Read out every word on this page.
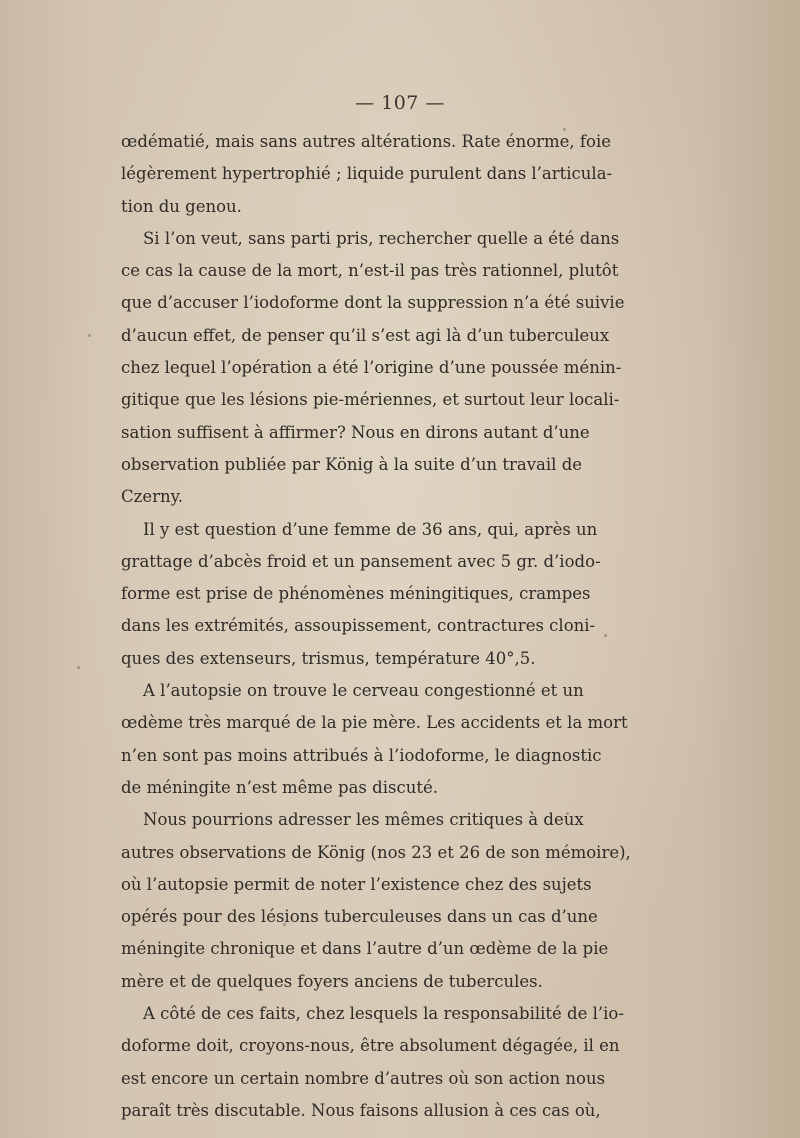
— 107 —
œdématié, mais sans autres altérations. Rate énorme, foie
légèrement hypertrophié ; liquide purulent dans l’articula-
tion du genou.
Si l’on veut, sans parti pris, rechercher quelle a été dans
ce cas la cause de la mort, n’est-il pas très rationnel, plutôt
que d’accuser l’iodoforme dont la suppression n’a été suivie
d’aucun effet, de penser qu’il s’est agi là d’un tuberculeux
chez lequel l’opération a été l’origine d’une poussée ménin-
gitique que les lésions pie-mériennes, et surtout leur locali-
sation suffisent à affirmer? Nous en dirons autant d’une
observation publiée par König à la suite d’un travail de
Czerny.
Il y est question d’une femme de 36 ans, qui, après un
grattage d’abcès froid et un pansement avec 5 gr. d’iodo-
forme est prise de phénomènes méningitiques, crampes
dans les extrémités, assoupissement, contractures cloni-
ques des extenseurs, trismus, température 40°,5.
A l’autopsie on trouve le cerveau congestionné et un
œdème très marqué de la pie mère. Les accidents et la mort
n’en sont pas moins attribués à l’iodoforme, le diagnostic
de méningite n’est même pas discuté.
Nous pourrions adresser les mêmes critiques à deux
autres observations de König (nos 23 et 26 de son mémoire),
où l’autopsie permit de noter l’existence chez des sujets
opérés pour des lésions tuberculeuses dans un cas d’une
méningite chronique et dans l’autre d’un œdème de la pie
mère et de quelques foyers anciens de tubercules.
A côté de ces faits, chez lesquels la responsabilité de l’io-
doforme doit, croyons-nous, être absolument dégagée, il en
est encore un certain nombre d’autres où son action nous
paraît très discutable. Nous faisons allusion à ces cas où,
